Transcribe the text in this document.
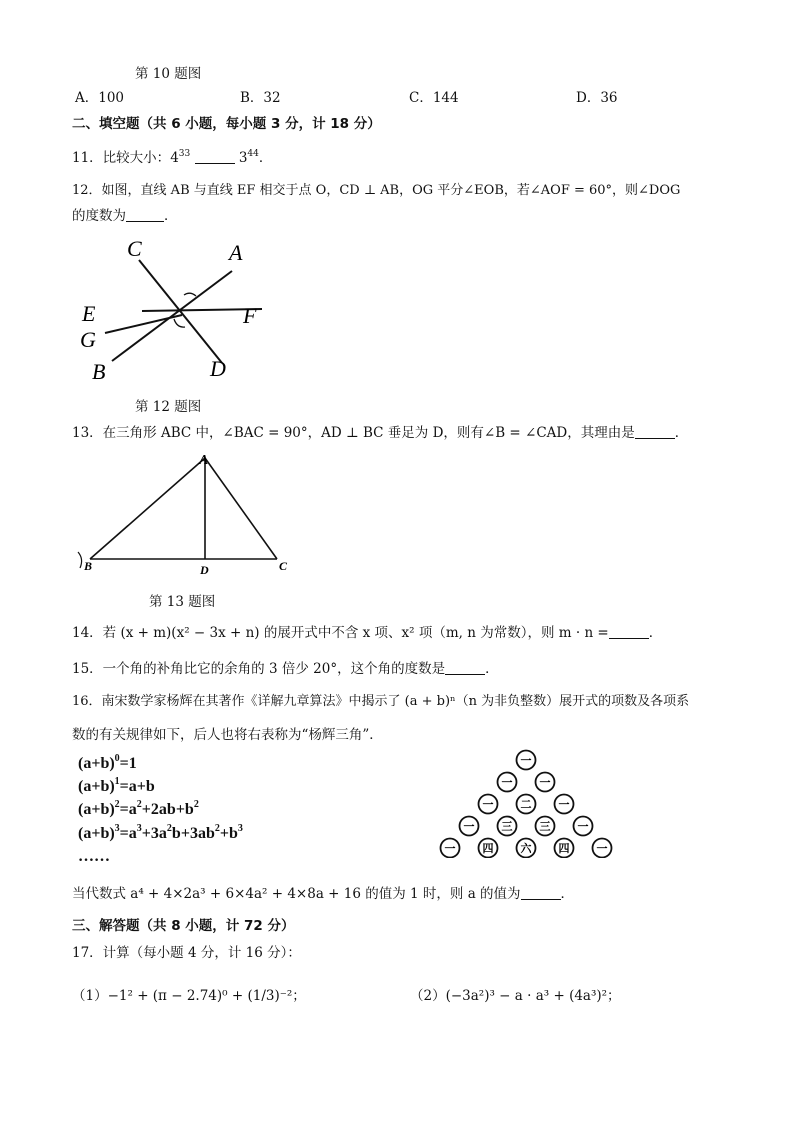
第 10 题图
A．100	B．32	C．144	D．36
二、填空题（共 6 小题，每小题 3 分，计 18 分）
11．比较大小：$4^{33}$	$3^{44}$．
12．如图，直线 AB 与直线 EF 相交于点 O，CD ⊥ AB，OG 平分∠EOB，若∠AOF = 60°，则∠DOG
的度数为	．
C	A
E
G
F
B	D
第 12 题图
13．在三角形 ABC 中，∠BAC = 90°，AD ⊥ BC 垂足为 D，则有∠B = ∠CAD，其理由是	．
A
B	C
D
第 13 题图
14．若 (x + m)(x² − 3x + n) 的展开式中不含 x 项、x² 项（m, n 为常数），则 m · n =	．
15．一个角的补角比它的余角的 3 倍少 20°，这个角的度数是	．
16．南宋数学家杨辉在其著作《详解九章算法》中揭示了 (a + b)ⁿ（n 为非负整数）展开式的项数及各项系
数的有关规律如下，后人也将右表称为“杨辉三角”．
$(a+b)^0=1$
$(a+b)^1=a+b$
$(a+b)^2=a^2+2ab+b^2$
$(a+b)^3=a^3+3a^2b+3ab^2+b^3$
……
一
一 一
一 二 一
一 三 三 一
一 四 六 四 一
当代数式 a⁴ + 4×2a³ + 6×4a² + 4×8a + 16 的值为 1 时，则 a 的值为	．
三、解答题（共 8 小题，计 72 分）
17．计算（每小题 4 分，计 16 分）：
（1）−1² + (π − 2.74)⁰ + (1/3)⁻²；	（2）(−3a²)³ − a · a³ + (4a³)²；
